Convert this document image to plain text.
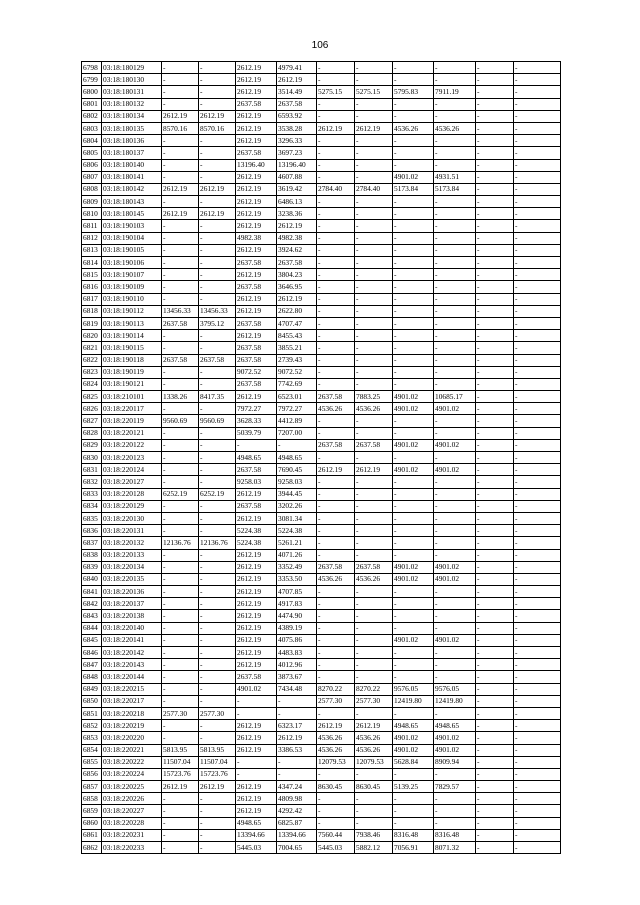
106
6798	03:18:180129	-	-	2612.19	4979.41	-	-	-	-	-	-
6799	03:18:180130	-	-	2612.19	2612.19	-	-	-	-	-	-
6800	03:18:180131	-	-	2612.19	3514.49	5275.15	5275.15	5795.83	7911.19	-	-
6801	03:18:180132	-	-	2637.58	2637.58	-	-	-	-	-	-
6802	03:18:180134	2612.19	2612.19	2612.19	6593.92	-	-	-	-	-	-
6803	03:18:180135	8570.16	8570.16	2612.19	3538.28	2612.19	2612.19	4536.26	4536.26	-	-
6804	03:18:180136	-	-	2612.19	3296.33	-	-	-	-	-	-
6805	03:18:180137	-	-	2637.58	3697.23	-	-	-	-	-	-
6806	03:18:180140	-	-	13196.40	13196.40	-	-	-	-	-	-
6807	03:18:180141	-	-	2612.19	4607.88	-	-	4901.02	4931.51	-	-
6808	03:18:180142	2612.19	2612.19	2612.19	3619.42	2784.40	2784.40	5173.84	5173.84	-	-
6809	03:18:180143	-	-	2612.19	6486.13	-	-	-	-	-	-
6810	03:18:180145	2612.19	2612.19	2612.19	3238.36	-	-	-	-	-	-
6811	03:18:190103	-	-	2612.19	2612.19	-	-	-	-	-	-
6812	03:18:190104	-	-	4982.38	4982.38	-	-	-	-	-	-
6813	03:18:190105	-	-	2612.19	3924.62	-	-	-	-	-	-
6814	03:18:190106	-	-	2637.58	2637.58	-	-	-	-	-	-
6815	03:18:190107	-	-	2612.19	3804.23	-	-	-	-	-	-
6816	03:18:190109	-	-	2637.58	3646.95	-	-	-	-	-	-
6817	03:18:190110	-	-	2612.19	2612.19	-	-	-	-	-	-
6818	03:18:190112	13456.33	13456.33	2612.19	2622.80	-	-	-	-	-	-
6819	03:18:190113	2637.58	3795.12	2637.58	4707.47	-	-	-	-	-	-
6820	03:18:190114	-	-	2612.19	8455.43	-	-	-	-	-	-
6821	03:18:190115	-	-	2637.58	3855.21	-	-	-	-	-	-
6822	03:18:190118	2637.58	2637.58	2637.58	2739.43	-	-	-	-	-	-
6823	03:18:190119	-	-	9072.52	9072.52	-	-	-	-	-	-
6824	03:18:190121	-	-	2637.58	7742.69	-	-	-	-	-	-
6825	03:18:210101	1338.26	8417.35	2612.19	6523.01	2637.58	7883.25	4901.02	10685.17	-	-
6826	03:18:220117	-	-	7972.27	7972.27	4536.26	4536.26	4901.02	4901.02	-	-
6827	03:18:220119	9560.69	9560.69	3628.33	4412.89	-	-	-	-	-	-
6828	03:18:220121	-	-	5039.79	7207.00	-	-	-	-	-	-
6829	03:18:220122	-	-	-	-	2637.58	2637.58	4901.02	4901.02	-	-
6830	03:18:220123	-	-	4948.65	4948.65	-	-	-	-	-	-
6831	03:18:220124	-	-	2637.58	7690.45	2612.19	2612.19	4901.02	4901.02	-	-
6832	03:18:220127	-	-	9258.03	9258.03	-	-	-	-	-	-
6833	03:18:220128	6252.19	6252.19	2612.19	3944.45	-	-	-	-	-	-
6834	03:18:220129	-	-	2637.58	3202.26	-	-	-	-	-	-
6835	03:18:220130	-	-	2612.19	3081.34	-	-	-	-	-	-
6836	03:18:220131	-	-	5224.38	5224.38	-	-	-	-	-	-
6837	03:18:220132	12136.76	12136.76	5224.38	5261.21	-	-	-	-	-	-
6838	03:18:220133	-	-	2612.19	4071.26	-	-	-	-	-	-
6839	03:18:220134	-	-	2612.19	3352.49	2637.58	2637.58	4901.02	4901.02	-	-
6840	03:18:220135	-	-	2612.19	3353.50	4536.26	4536.26	4901.02	4901.02	-	-
6841	03:18:220136	-	-	2612.19	4707.85	-	-	-	-	-	-
6842	03:18:220137	-	-	2612.19	4917.83	-	-	-	-	-	-
6843	03:18:220138	-	-	2612.19	4474.90	-	-	-	-	-	-
6844	03:18:220140	-	-	2612.19	4389.19	-	-	-	-	-	-
6845	03:18:220141	-	-	2612.19	4075.86	-	-	4901.02	4901.02	-	-
6846	03:18:220142	-	-	2612.19	4483.83	-	-	-	-	-	-
6847	03:18:220143	-	-	2612.19	4012.96	-	-	-	-	-	-
6848	03:18:220144	-	-	2637.58	3873.67	-	-	-	-	-	-
6849	03:18:220215	-	-	4901.02	7434.48	8270.22	8270.22	9576.05	9576.05	-	-
6850	03:18:220217	-	-	-	-	2577.30	2577.30	12419.80	12419.80	-	-
6851	03:18:220218	2577.30	2577.30	-	-	-	-	-	-	-	-
6852	03:18:220219	-	-	2612.19	6323.17	2612.19	2612.19	4948.65	4948.65	-	-
6853	03:18:220220	-	-	2612.19	2612.19	4536.26	4536.26	4901.02	4901.02	-	-
6854	03:18:220221	5813.95	5813.95	2612.19	3386.53	4536.26	4536.26	4901.02	4901.02	-	-
6855	03:18:220222	11507.04	11507.04	-	-	12079.53	12079.53	5628.84	8909.94	-	-
6856	03:18:220224	15723.76	15723.76	-	-	-	-	-	-	-	-
6857	03:18:220225	2612.19	2612.19	2612.19	4347.24	8630.45	8630.45	5139.25	7829.57	-	-
6858	03:18:220226	-	-	2612.19	4809.98	-	-	-	-	-	-
6859	03:18:220227	-	-	2612.19	4292.42	-	-	-	-	-	-
6860	03:18:220228	-	-	4948.65	6825.87	-	-	-	-	-	-
6861	03:18:220231	-	-	13394.66	13394.66	7560.44	7938.46	8316.48	8316.48	-	-
6862	03:18:220233	-	-	5445.03	7004.65	5445.03	5882.12	7056.91	8071.32	-	-
